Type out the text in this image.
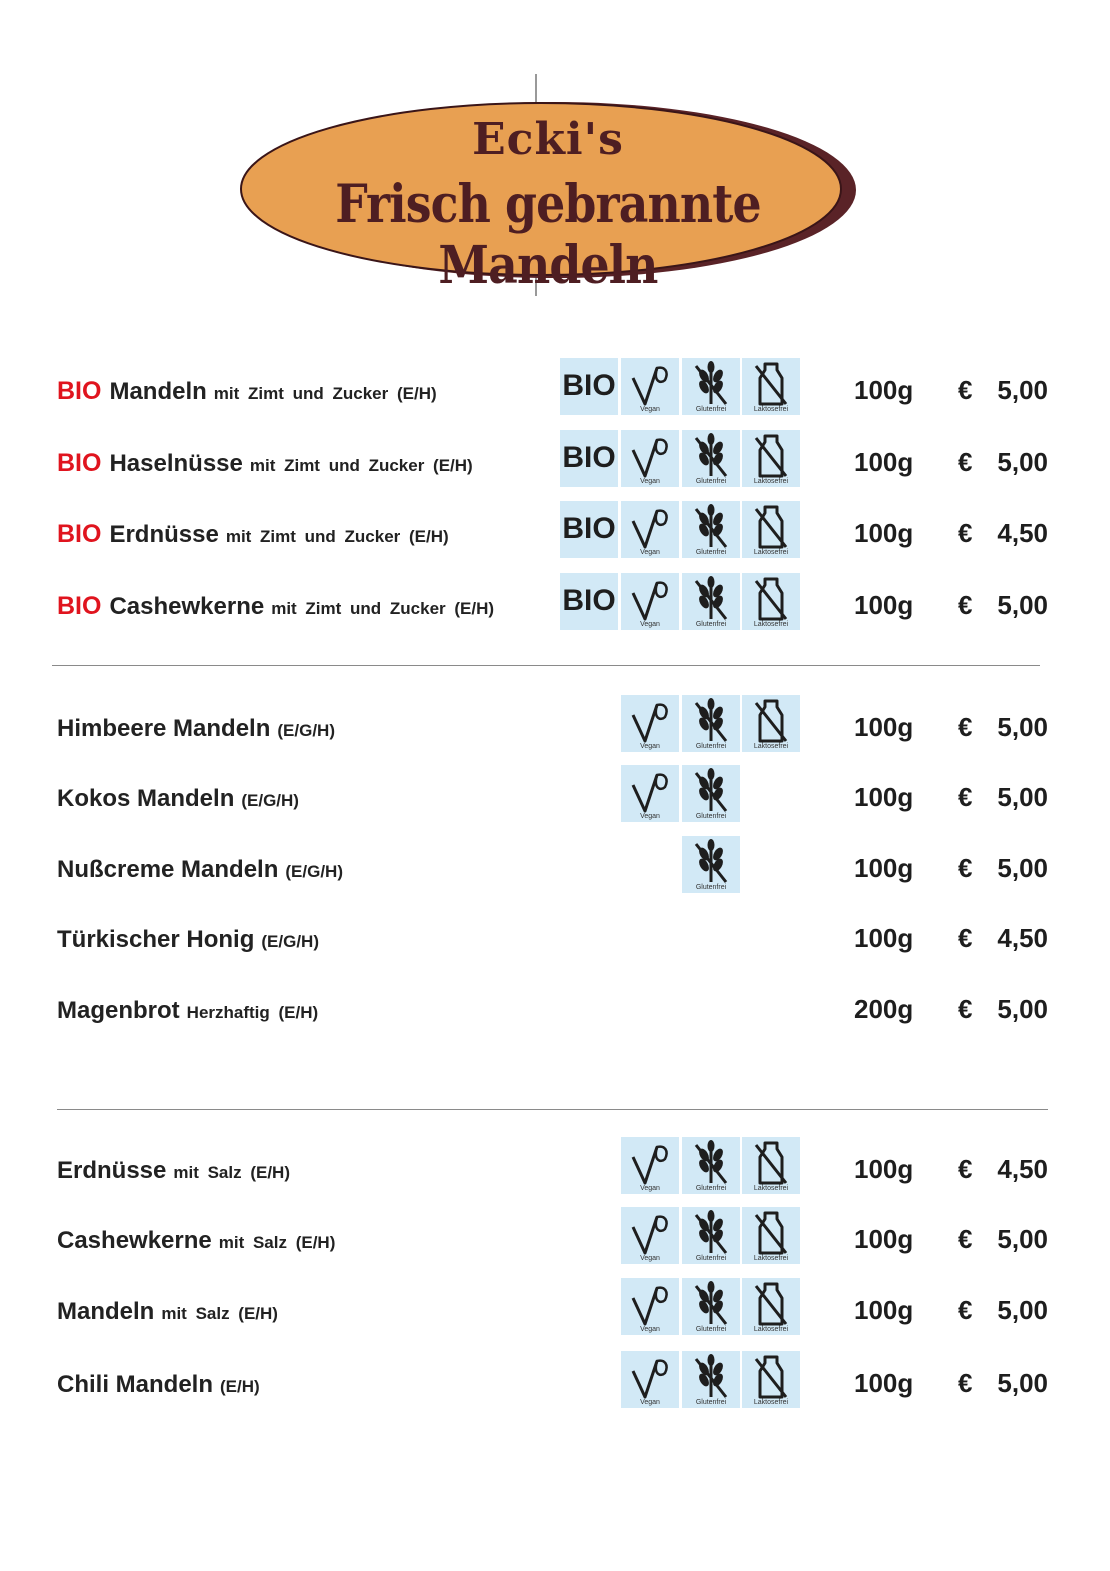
Ecki's
Frisch gebrannte Mandeln
BIO Mandeln mit Zimt und Zucker (E/H)	BIO
Vegan	Glutenfrei	Laktosefrei
100g € 5,00
BIO Haselnüsse mit Zimt und Zucker (E/H)	BIO
Vegan	Glutenfrei	Laktosefrei
100g € 5,00
BIO Erdnüsse mit Zimt und Zucker (E/H)	BIO
Vegan	Glutenfrei	Laktosefrei
100g € 4,50
BIO Cashewkerne mit Zimt und Zucker (E/H) BIO
Vegan	Glutenfrei	Laktosefrei
100g € 5,00
Himbeere Mandeln (E/G/H)
Vegan	Glutenfrei	Laktosefrei
100g € 5,00
Kokos Mandeln (E/G/H)
Vegan	Glutenfrei
100g € 5,00
Nußcreme Mandeln (E/G/H)
Glutenfrei
100g € 5,00
Türkischer Honig (E/G/H)	100g € 4,50
Magenbrot Herzhaftig (E/H)	200g € 5,00
Erdnüsse mit Salz (E/H)
Vegan	Glutenfrei	Laktosefrei
100g € 4,50
Cashewkerne mit Salz (E/H)
Vegan	Glutenfrei	Laktosefrei
100g € 5,00
Mandeln mit Salz (E/H)
Vegan	Glutenfrei	Laktosefrei
100g € 5,00
Chili Mandeln (E/H)
Vegan	Glutenfrei	Laktosefrei
100g € 5,00
